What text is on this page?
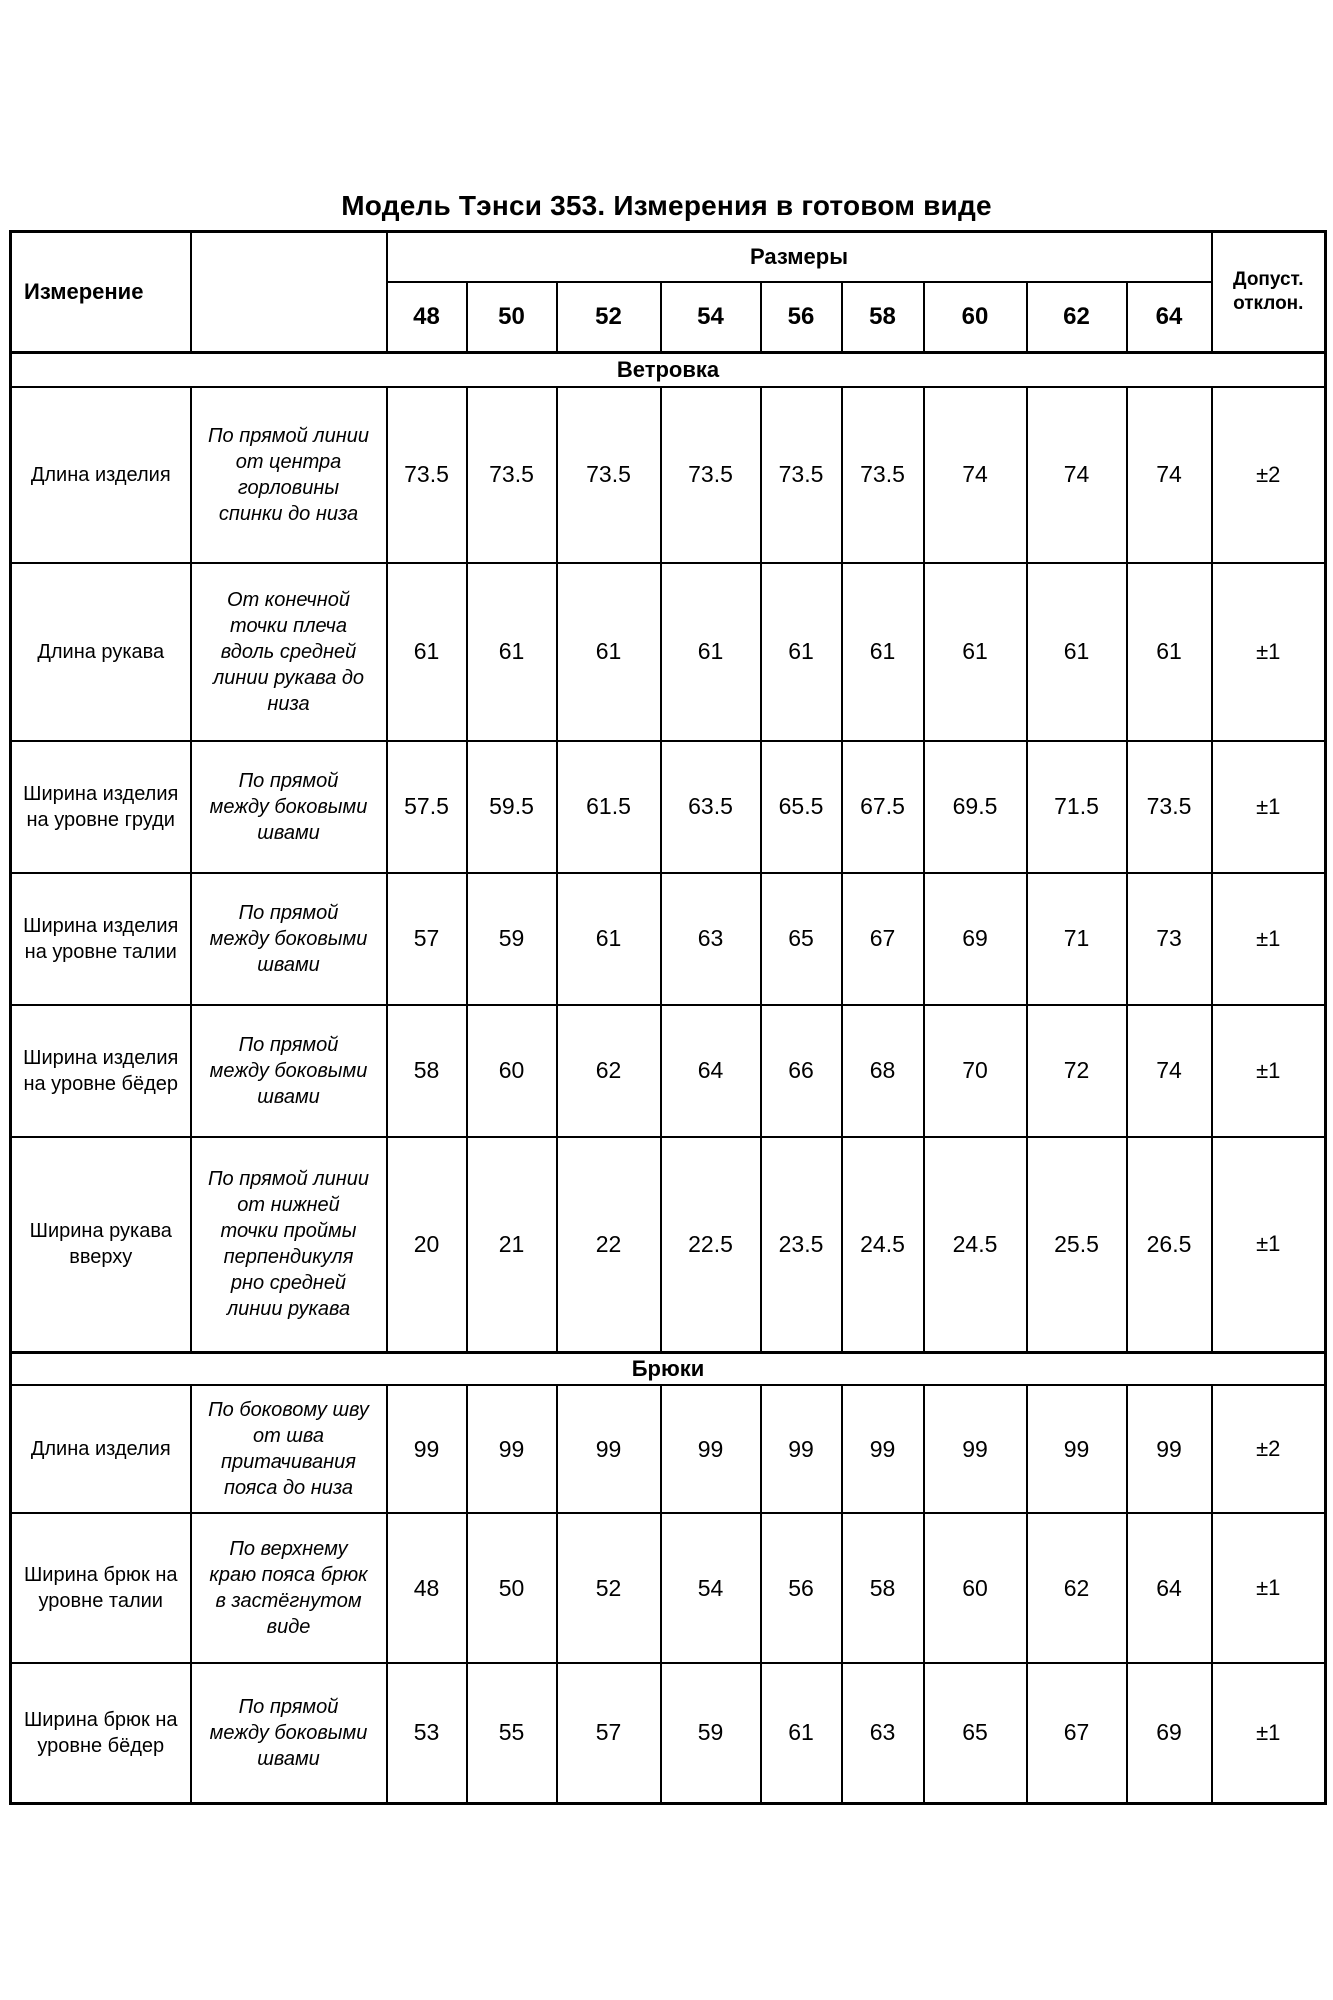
Модель Тэнси 353. Измерения в готовом виде
Измерение		Размеры									Допуст. отклон.
		48	50	52	54	56	58	60	62	64	
Ветровка											
Длина изделия	По прямой линии от центра горловины спинки до низа	73.5	73.5	73.5	73.5	73.5	73.5	74	74	74	±2
Длина рукава	От конечной точки плеча вдоль средней линии рукава до низа	61	61	61	61	61	61	61	61	61	±1
Ширина изделия на уровне груди	По прямой между боковыми швами	57.5	59.5	61.5	63.5	65.5	67.5	69.5	71.5	73.5	±1
Ширина изделия на уровне талии	По прямой между боковыми швами	57	59	61	63	65	67	69	71	73	±1
Ширина изделия на уровне бёдер	По прямой между боковыми швами	58	60	62	64	66	68	70	72	74	±1
Ширина рукава вверху	По прямой линии от нижней точки проймы перпендикуля рно средней линии рукава	20	21	22	22.5	23.5	24.5	24.5	25.5	26.5	±1
Брюки											
Длина изделия	По боковому шву от шва притачивания пояса до низа	99	99	99	99	99	99	99	99	99	±2
Ширина брюк на уровне талии	По верхнему краю пояса брюк в застёгнутом виде	48	50	52	54	56	58	60	62	64	±1
Ширина брюк на уровне бёдер	По прямой между боковыми швами	53	55	57	59	61	63	65	67	69	±1
